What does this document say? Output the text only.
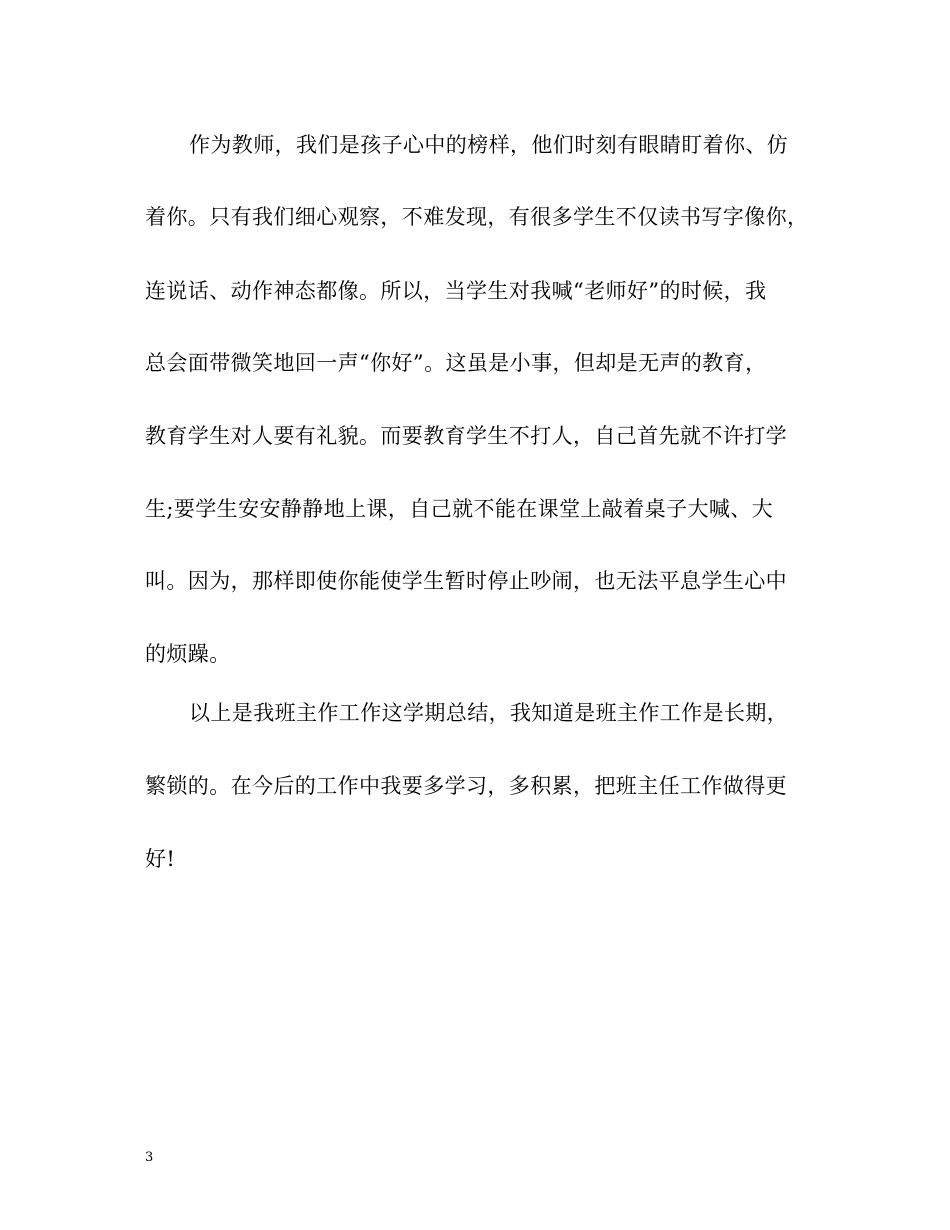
作为教师，我们是孩子心中的榜样，他们时刻有眼睛盯着你、仿
着你。只有我们细心观察，不难发现，有很多学生不仅读书写字像你，
连说话、动作神态都像。所以，当学生对我喊“老师好”的时候，我
总会面带微笑地回一声“你好”。这虽是小事，但却是无声的教育，
教育学生对人要有礼貌。而要教育学生不打人，自己首先就不许打学
生;要学生安安静静地上课，自己就不能在课堂上敲着桌子大喊、大
叫。因为，那样即使你能使学生暂时停止吵闹，也无法平息学生心中
的烦躁。
以上是我班主作工作这学期总结，我知道是班主作工作是长期，
繁锁的。在今后的工作中我要多学习，多积累，把班主任工作做得更
好!
3
